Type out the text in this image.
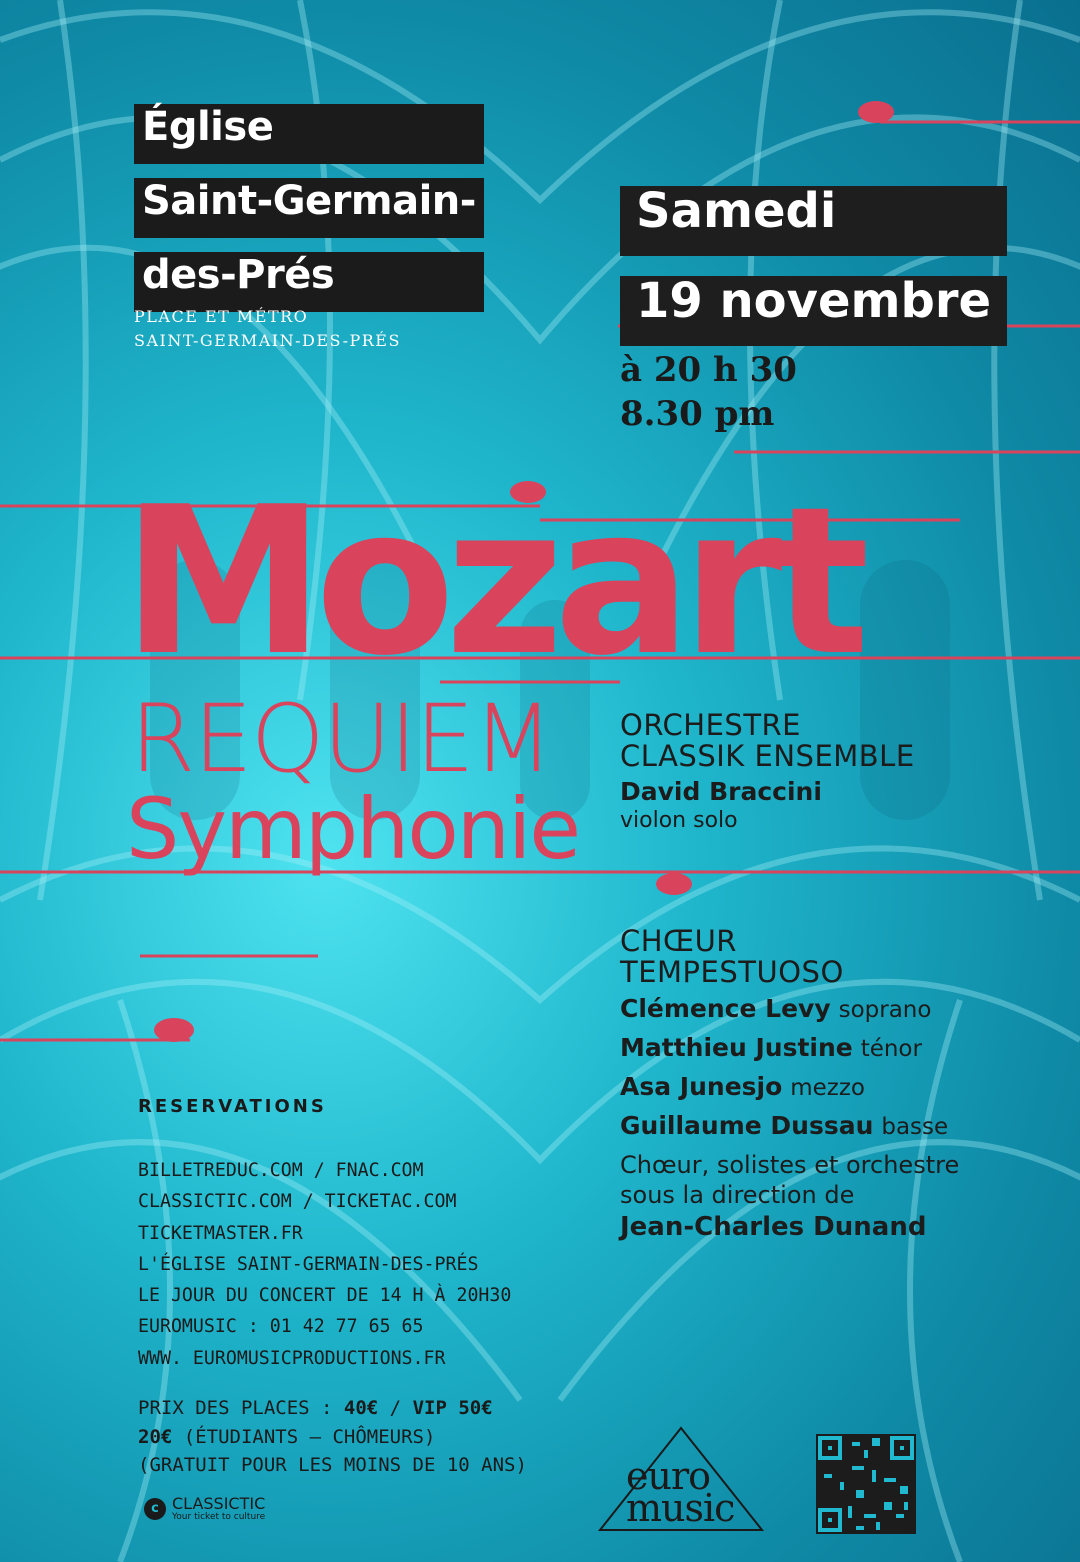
Église
Saint-Germain-
des-Prés
PLACE ET MÉTRO
SAINT-GERMAIN-DES-PRÉS
Samedi
19 novembre
à 20 h 30
8.30 pm
Mozart
REQUIEM
Symphonie
ORCHESTRE
CLASSIK ENSEMBLE
David Braccini
violon solo
CHŒUR
TEMPESTUOSO
Clémence Levy soprano
Matthieu Justine ténor
Asa Junesjo mezzo
Guillaume Dussau basse
Chœur, solistes et orchestre
sous la direction de
Jean-Charles Dunand
RESERVATIONS
BILLETREDUC.COM / FNAC.COM
CLASSICTIC.COM / TICKETAC.COM
TICKETMASTER.FR
L'ÉGLISE SAINT-GERMAIN-DES-PRÉS
LE JOUR DU CONCERT DE 14 H À 20H30
EUROMUSIC : 01 42 77 65 65
WWW. EUROMUSICPRODUCTIONS.FR
PRIX DES PLACES : 40€ / VIP 50€
20€ (ÉTUDIANTS – CHÔMEURS)
(GRATUIT POUR LES MOINS DE 10 ANS)
c CLASSICTIC
Your ticket to culture
euro music
